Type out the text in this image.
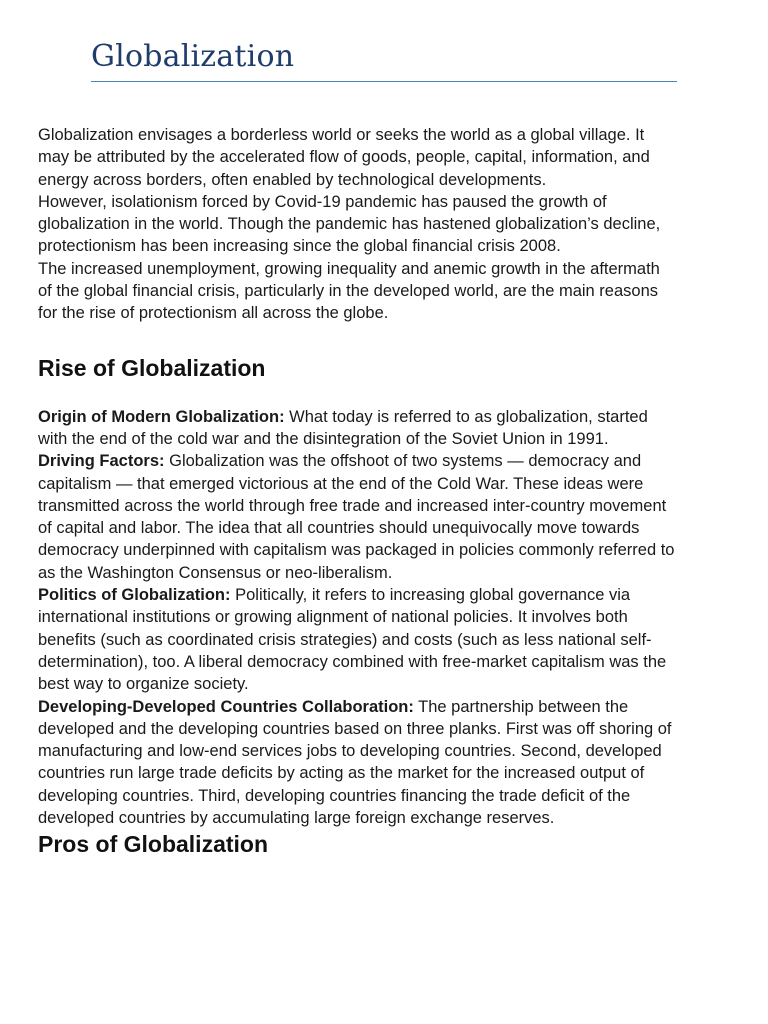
Globalization

Globalization envisages a borderless world or seeks the world as a global village. It may be attributed by the accelerated flow of goods, people, capital, information, and energy across borders, often enabled by technological developments.

However, isolationism forced by Covid-19 pandemic has paused the growth of globalization in the world. Though the pandemic has hastened globalization’s decline, protectionism has been increasing since the global financial crisis 2008.

The increased unemployment, growing inequality and anemic growth in the aftermath of the global financial crisis, particularly in the developed world, are the main reasons for the rise of protectionism all across the globe.

Rise of Globalization

Origin of Modern Globalization: What today is referred to as globalization, started with the end of the cold war and the disintegration of the Soviet Union in 1991.

Driving Factors: Globalization was the offshoot of two systems — democracy and capitalism — that emerged victorious at the end of the Cold War. These ideas were transmitted across the world through free trade and increased inter-country movement of capital and labor. The idea that all countries should unequivocally move towards democracy underpinned with capitalism was packaged in policies commonly referred to as the Washington Consensus or neo-liberalism.

Politics of Globalization: Politically, it refers to increasing global governance via international institutions or growing alignment of national policies. It involves both benefits (such as coordinated crisis strategies) and costs (such as less national self-determination), too. A liberal democracy combined with free-market capitalism was the best way to organize society.

Developing-Developed Countries Collaboration: The partnership between the developed and the developing countries based on three planks. First was off shoring of manufacturing and low-end services jobs to developing countries. Second, developed countries run large trade deficits by acting as the market for the increased output of developing countries. Third, developing countries financing the trade deficit of the developed countries by accumulating large foreign exchange reserves.

Pros of Globalization
